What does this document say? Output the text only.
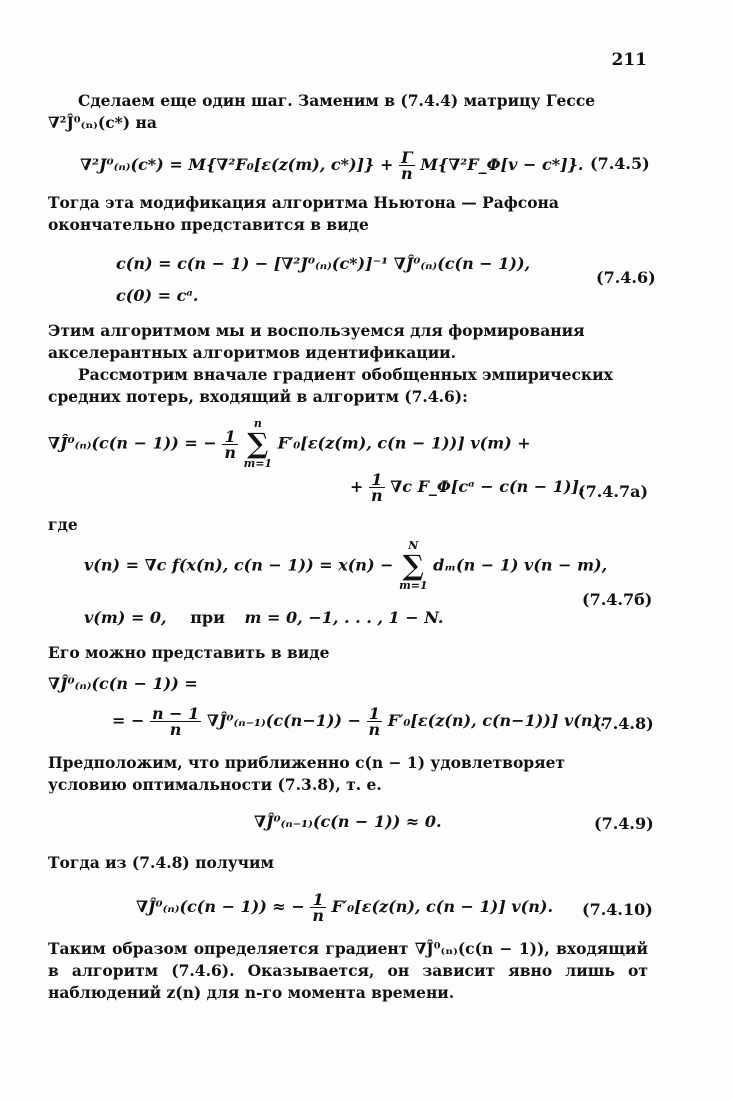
211
Сделаем еще один шаг. Заменим в (7.4.4) матрицу Гессе ∇²Ĵ⁰₍ₙ₎(c*) на
∇²J⁰₍ₙ₎(c*) = M{∇²F₀[ε(z(m), $c*)]\} + \frac{\Gamma}{n}$ M{∇²F_Φ[v − c*]}. (7.4.5)
Тогда эта модификация алгоритма Ньютона — Рафсона окончательно представится в виде
c(n) = c(n − 1) − [∇²J⁰₍ₙ₎(c*)]⁻¹ ∇Ĵ⁰₍ₙ₎(c(n − 1)),
c(0) = cᵃ.
(7.4.6)
Этим алгоритмом мы и воспользуемся для формирования акселерантных алгоритмов идентификации.
Рассмотрим вначале градиент обобщенных эмпирических средних потерь, входящий в алгоритм (7.4.6):
∇Ĵ⁰₍ₙ₎(c(n − 1)) = − $\frac{1}{n}$

n
∑
m=1
F′₀[ε(z(m), c(n − 1))] v(m) +
+ $\frac{1}{n} \nabla c$ F_Φ[cᵃ − c(n − 1)],
(7.4.7а)
где
v(n) = ∇c f(x(n), c(n − 1)) = x(n) −
N
∑
m=1
dₘ(n − 1) v(n − m),
v(m) = 0, при m = 0, −1, . . . , 1 − N.
(7.4.7б)
Его можно представить в виде
∇Ĵ⁰₍ₙ₎(c(n − 1)) =
= − $\frac{n - 1}{n}$ ∇Ĵ⁰₍ₙ₋₁₎(c(n−1)) − $\frac{1}{n} F'_0[\varepsilon(z(n)$, c(n−1))] v(n).
(7.4.8)
Предположим, что приближенно c(n − 1) удовлетворяет условию оптимальности (7.3.8), т. е.
∇Ĵ⁰₍ₙ₋₁₎(c(n − 1)) ≈ 0.	(7.4.9)
Тогда из (7.4.8) получим
∇Ĵ⁰₍ₙ₎(c(n − 1)) ≈ − $\frac{1}{n} F'_0[\varepsilon(z(n)$, c(n − 1)] v(n). (7.4.10)
Таким образом определяется градиент ∇Ĵ⁰₍ₙ₎(c(n − 1)), входящий в алгоритм (7.4.6). Оказывается, он зависит явно лишь от наблюдений z(n) для n-го момента времени.
